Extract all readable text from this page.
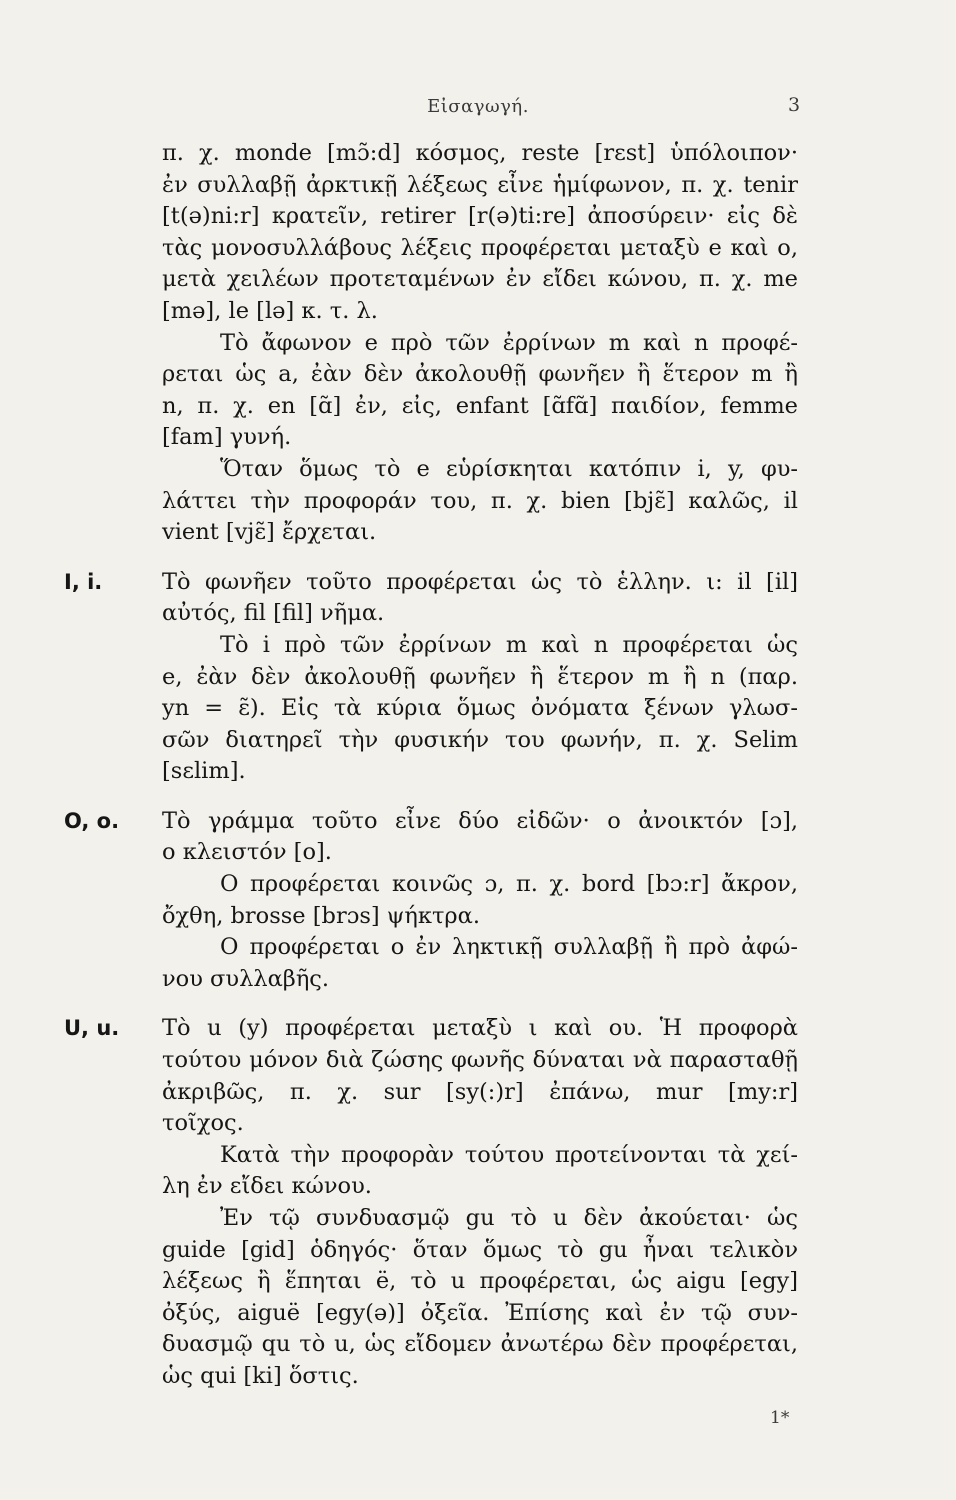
Εἰσαγωγή.	3
π. χ. monde [mɔ̃:d] κόσμος, reste [rɛst] ὑπόλοιπον·
ἐν συλλαβῇ ἀρκτικῇ λέξεως εἶνε ἡμίφωνον, π. χ. tenir
[t(ə)ni:r] κρατεῖν, retirer [r(ə)ti:re] ἀποσύρειν· εἰς δὲ
τὰς μονοσυλλάβους λέξεις προφέρεται μεταξὺ e καὶ o,
μετὰ χειλέων προτεταμένων ἐν εἴδει κώνου, π. χ. me
[mə], le [lə] κ. τ. λ.
Τὸ ἄφωνον e πρὸ τῶν ἐρρίνων m καὶ n προφέ-
ρεται ὡς a, ἐὰν δὲν ἀκολουθῇ φωνῆεν ἢ ἕτερον m ἢ
n, π. χ. en [ɑ̃] ἐν, εἰς, enfant [ɑ̃fɑ̃] παιδίον, femme
[fam] γυνή.
Ὅταν ὅμως τὸ e εὑρίσκηται κατόπιν i, y, φυ-
λάττει τὴν προφοράν του, π. χ. bien [bjɛ̃] καλῶς, il
vient [vjɛ̃] ἔρχεται.
I, i.	Τὸ φωνῆεν τοῦτο προφέρεται ὡς τὸ ἑλλην. ι: il [il]
αὐτός, fil [fil] νῆμα.
Τὸ i πρὸ τῶν ἐρρίνων m καὶ n προφέρεται ὡς
e, ἐὰν δὲν ἀκολουθῇ φωνῆεν ἢ ἕτερον m ἢ n (παρ.
yn = ɛ̃). Εἰς τὰ κύρια ὅμως ὀνόματα ξένων γλωσ-
σῶν διατηρεῖ τὴν φυσικήν του φωνήν, π. χ. Selim
[sɛlim].
O, o. Τὸ γράμμα τοῦτο εἶνε δύο εἰδῶν· o ἀνοικτόν [ɔ],
o κλειστόν [o].
O προφέρεται κοινῶς ɔ, π. χ. bord [bɔ:r] ἄκρον,
ὄχθη, brosse [brɔs] ψήκτρα.
O προφέρεται o ἐν ληκτικῇ συλλαβῇ ἢ πρὸ ἀφώ-
νου συλλαβῆς.
U, u. Τὸ u (y) προφέρεται μεταξὺ ι καὶ ου. Ἡ προφορὰ
τούτου μόνον διὰ ζώσης φωνῆς δύναται νὰ παρασταθῇ
ἀκριβῶς, π. χ. sur [sy(:)r] ἐπάνω, mur [my:r]
τοῖχος.
Κατὰ τὴν προφορὰν τούτου προτείνονται τὰ χεί-
λη ἐν εἴδει κώνου.
Ἐν τῷ συνδυασμῷ gu τὸ u δὲν ἀκούεται· ὡς
guide [gid] ὁδηγός· ὅταν ὅμως τὸ gu ἦναι τελικὸν
λέξεως ἢ ἕπηται ë, τὸ u προφέρεται, ὡς aigu [egy]
ὀξύς, aiguë [egy(ə)] ὀξεῖα. Ἐπίσης καὶ ἐν τῷ συν-
δυασμῷ qu τὸ u, ὡς εἴδομεν ἀνωτέρω δὲν προφέρεται,
ὡς qui [ki] ὅστις.
1*
